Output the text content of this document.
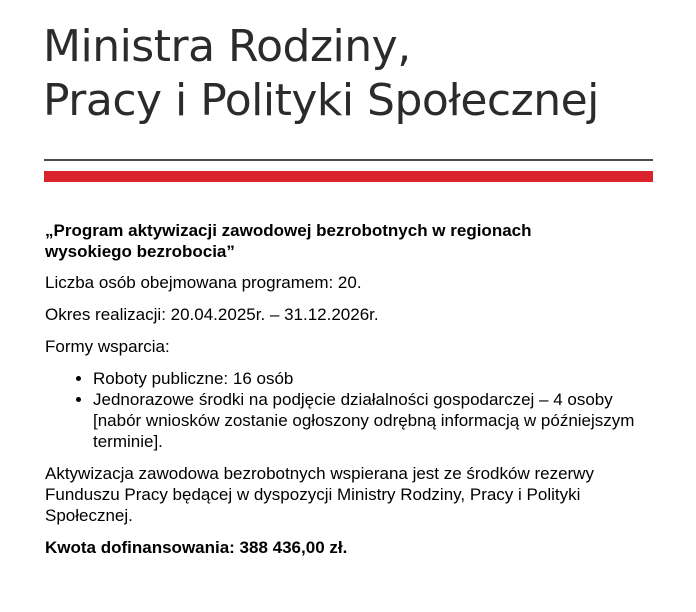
Ministra Rodziny,
Pracy i Polityki Społecznej

„Program aktywizacji zawodowej bezrobotnych w regionach wysokiego bezrobocia”

Liczba osób obejmowana programem: 20.

Okres realizacji: 20.04.2025r. – 31.12.2026r.

Formy wsparcia:

• Roboty publiczne: 16 osób
• Jednorazowe środki na podjęcie działalności gospodarczej – 4 osoby [nabór wniosków zostanie ogłoszony odrębną informacją w późniejszym terminie].

Aktywizacja zawodowa bezrobotnych wspierana jest ze środków rezerwy Funduszu Pracy będącej w dyspozycji Ministry Rodziny, Pracy i Polityki Społecznej.

Kwota dofinansowania: 388 436,00 zł.
